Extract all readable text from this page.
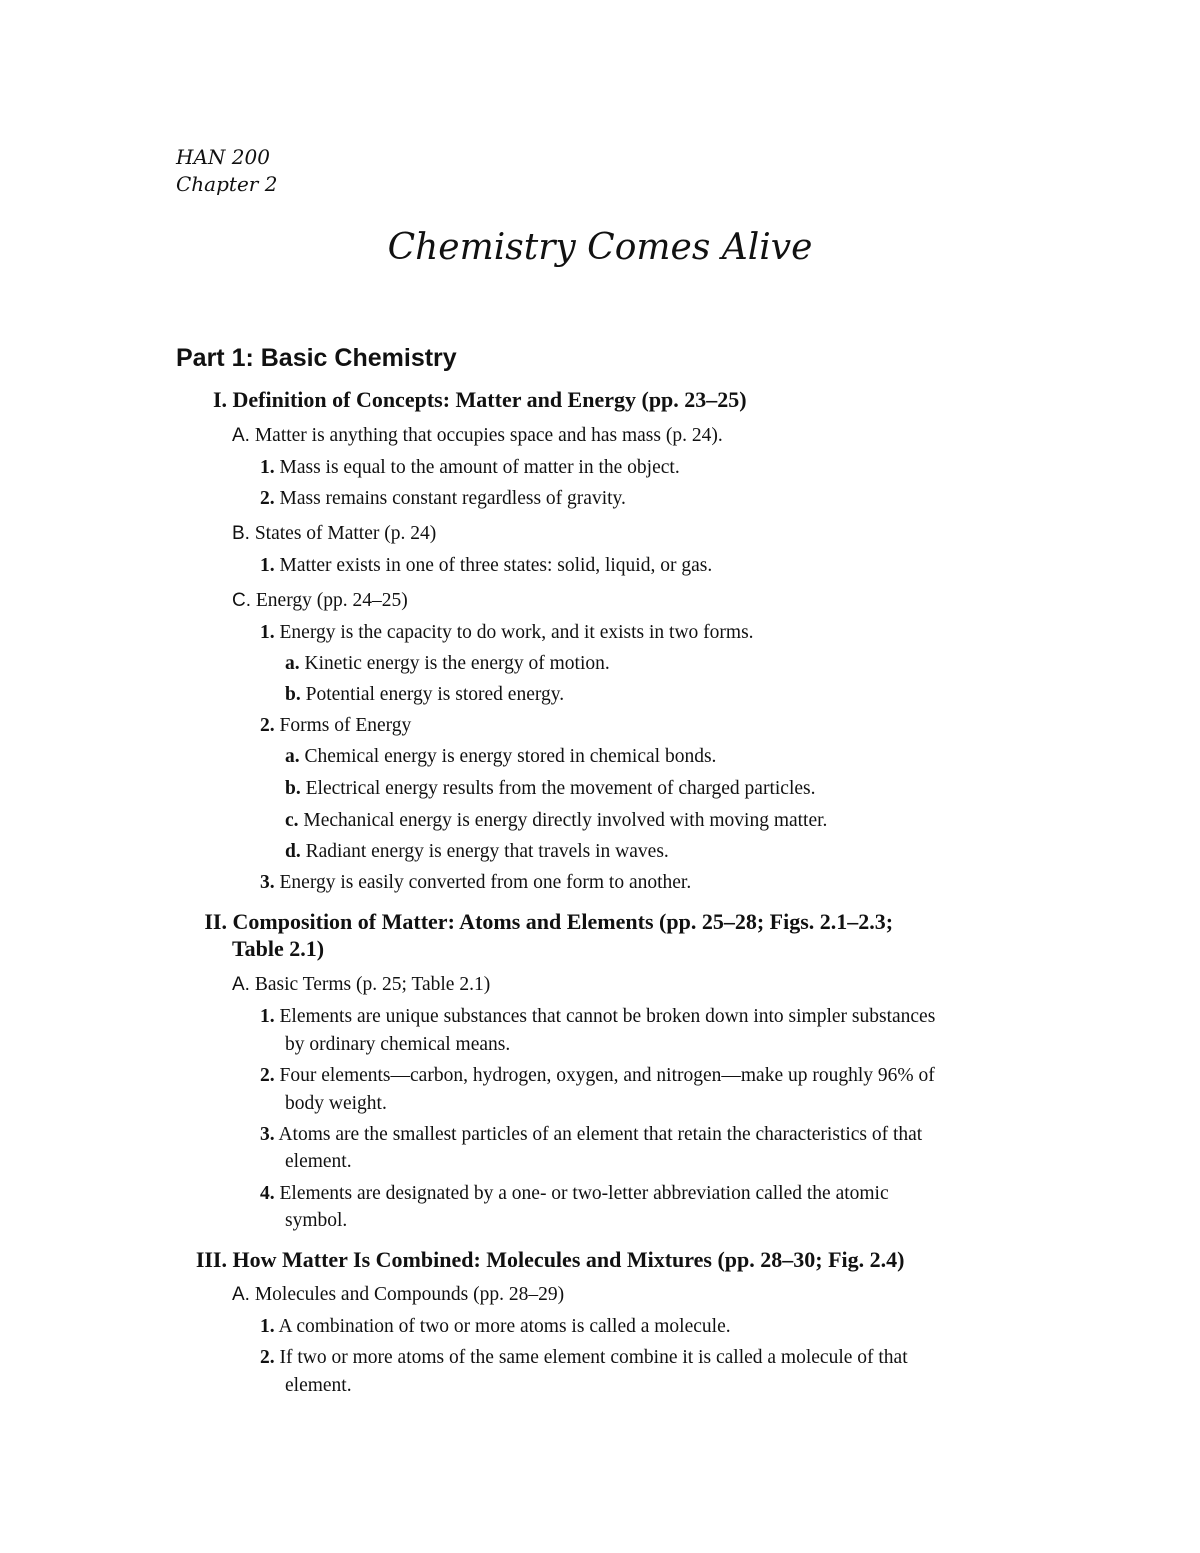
HAN 200
Chapter 2
Chemistry Comes Alive
Part 1: Basic Chemistry
I. Definition of Concepts: Matter and Energy (pp. 23–25)
A. Matter is anything that occupies space and has mass (p. 24).
1. Mass is equal to the amount of matter in the object.
2. Mass remains constant regardless of gravity.
B. States of Matter (p. 24)
1. Matter exists in one of three states: solid, liquid, or gas.
C. Energy (pp. 24–25)
1. Energy is the capacity to do work, and it exists in two forms.
a. Kinetic energy is the energy of motion.
b. Potential energy is stored energy.
2. Forms of Energy
a. Chemical energy is energy stored in chemical bonds.
b. Electrical energy results from the movement of charged particles.
c. Mechanical energy is energy directly involved with moving matter.
d. Radiant energy is energy that travels in waves.
3. Energy is easily converted from one form to another.
II. Composition of Matter: Atoms and Elements (pp. 25–28; Figs. 2.1–2.3;
Table 2.1)
A. Basic Terms (p. 25; Table 2.1)
1. Elements are unique substances that cannot be broken down into simpler substances
by ordinary chemical means.
2. Four elements—carbon, hydrogen, oxygen, and nitrogen—make up roughly 96% of
body weight.
3. Atoms are the smallest particles of an element that retain the characteristics of that
element.
4. Elements are designated by a one- or two-letter abbreviation called the atomic
symbol.
III. How Matter Is Combined: Molecules and Mixtures (pp. 28–30; Fig. 2.4)
A. Molecules and Compounds (pp. 28–29)
1. A combination of two or more atoms is called a molecule.
2. If two or more atoms of the same element combine it is called a molecule of that
element.
